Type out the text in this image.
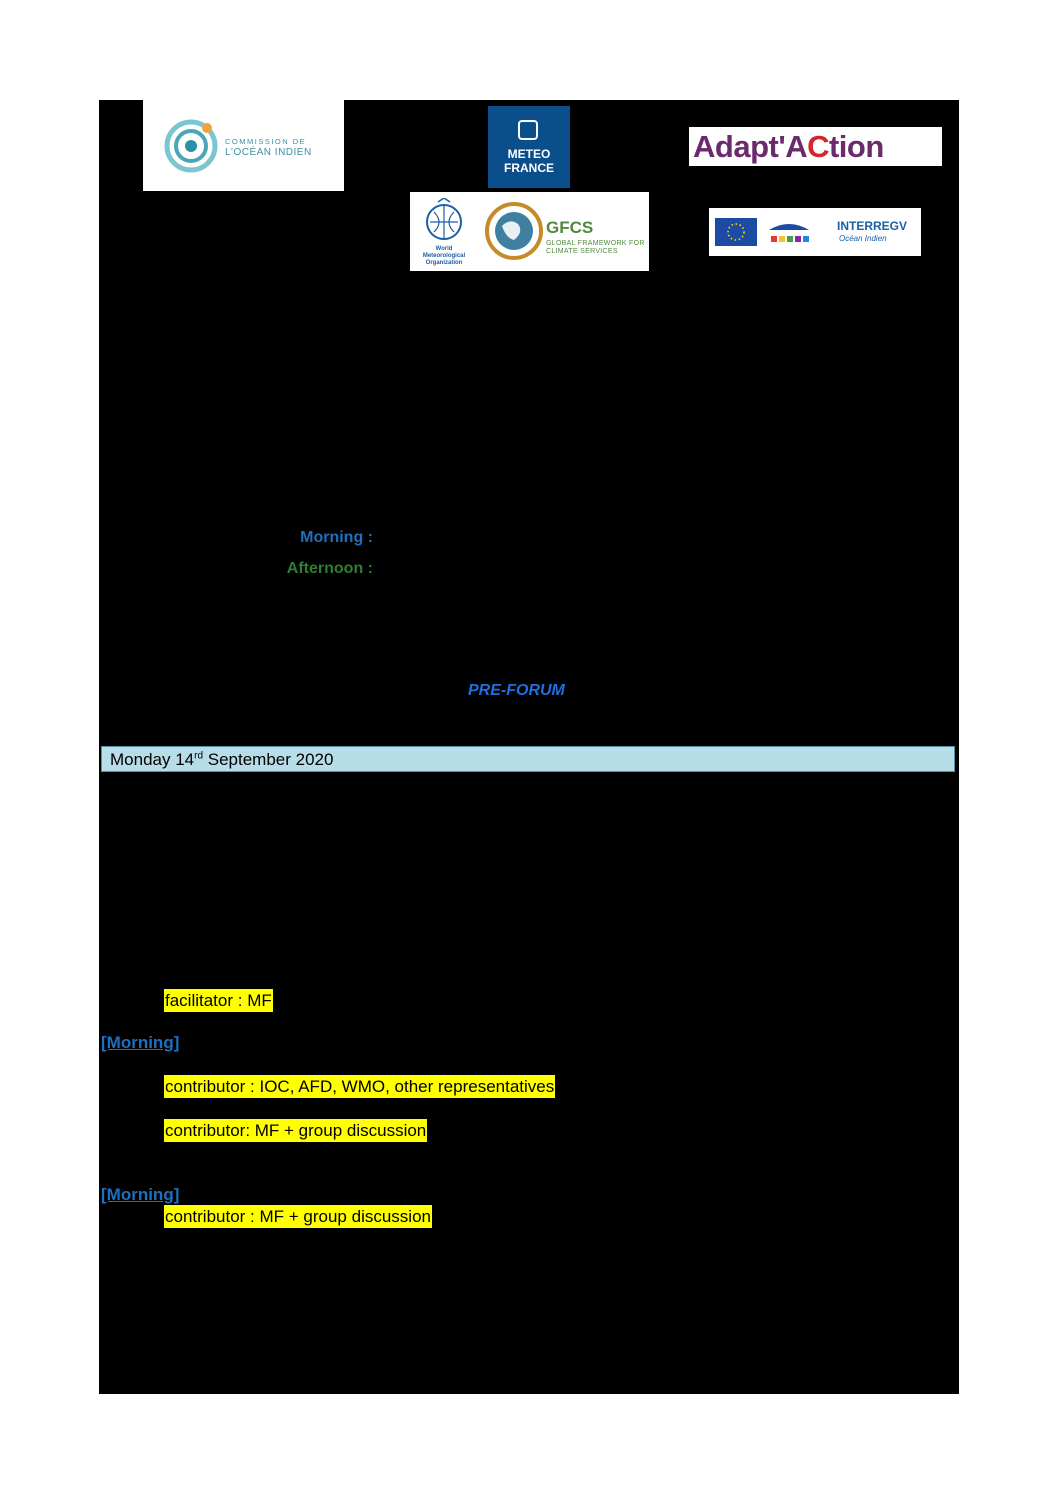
COMMISSION DE
L'OCÉAN INDIEN	METEO
FRANCE
Adapt'ACtion
World Meteorological Organization
GFCS
GLOBAL FRAMEWORK FOR
CLIMATE SERVICES
INTERREGV
Océan Indien
Morning :
Afternoon :
PRE-FORUM
Monday 14rd September 2020
facilitator : MF
[Morning]
contributor : IOC, AFD, WMO, other representatives
contributor: MF + group discussion
[Morning]
contributor : MF + group discussion
